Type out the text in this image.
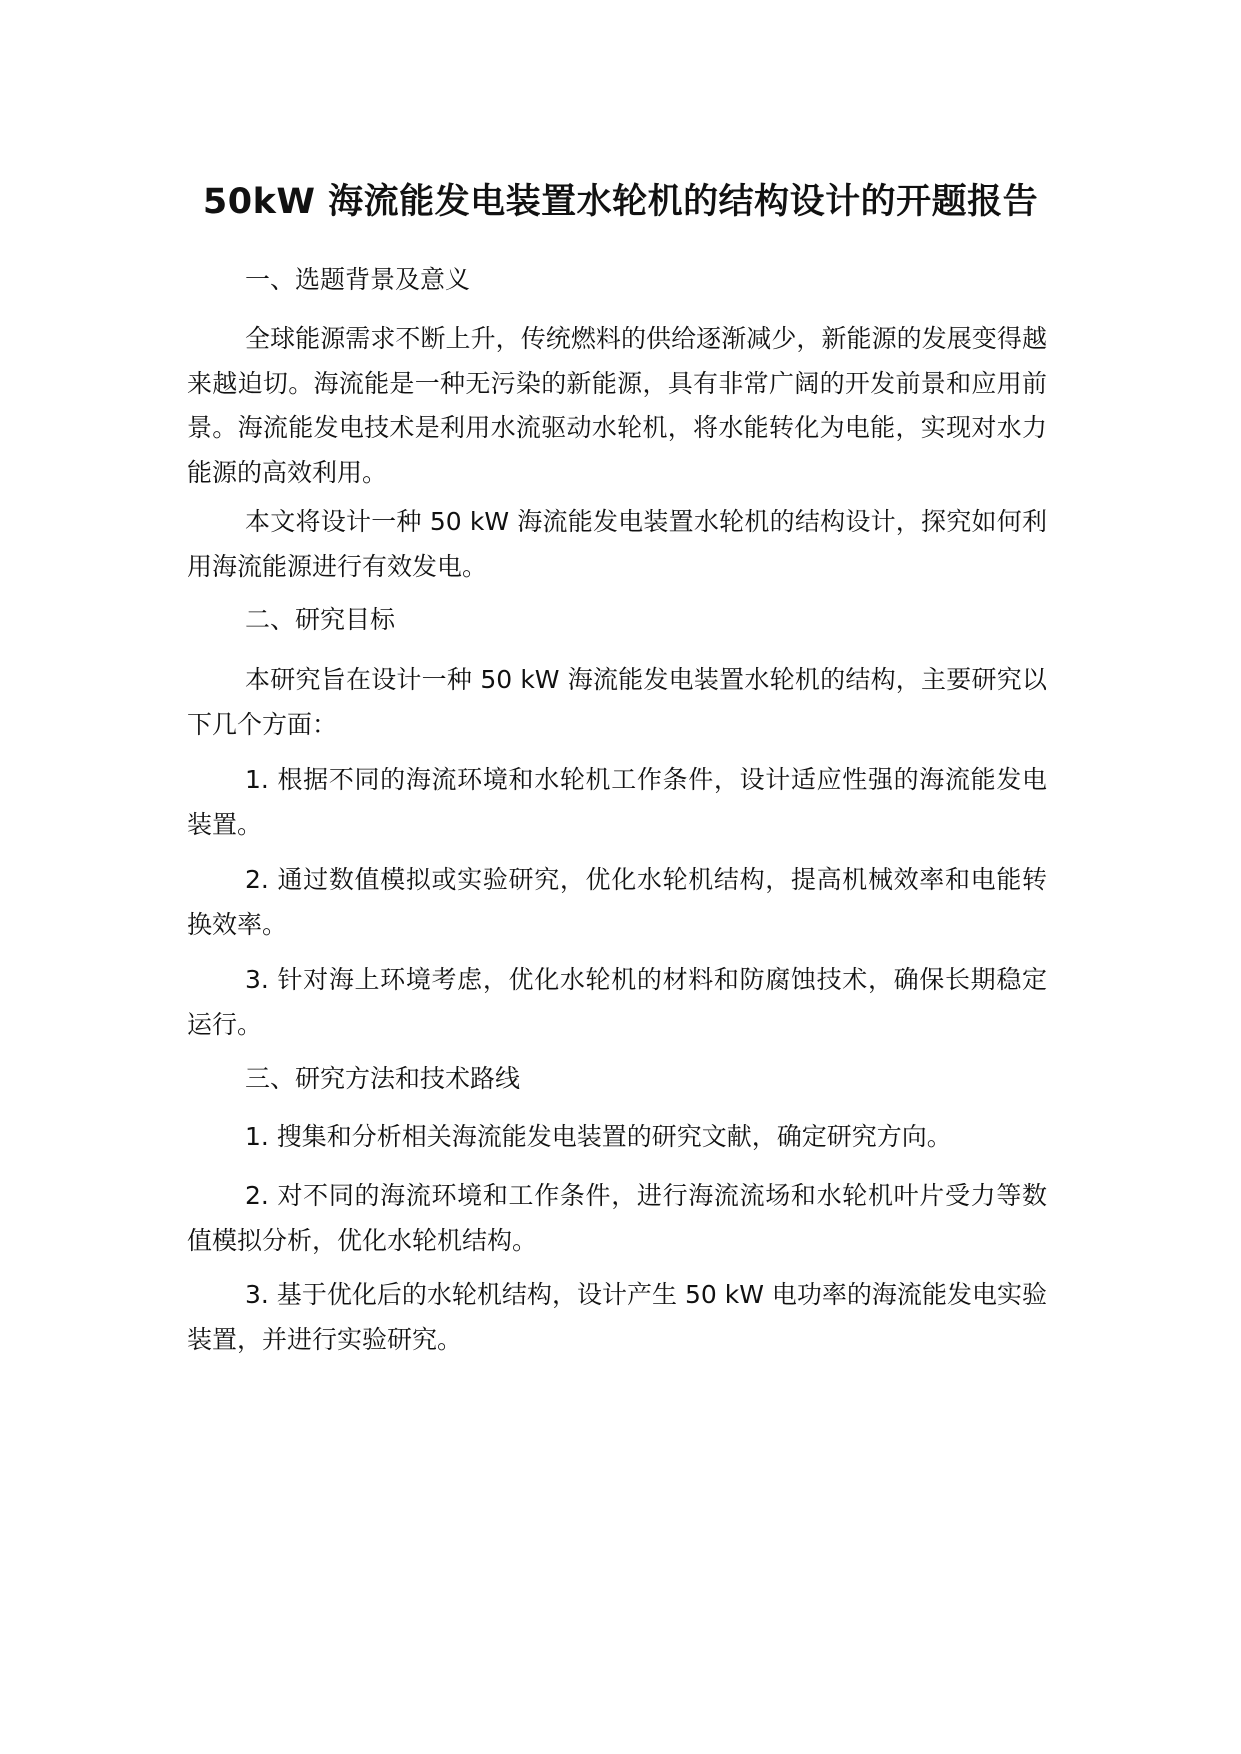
50kW 海流能发电装置水轮机的结构设计的开题报告

一、选题背景及意义

全球能源需求不断上升，传统燃料的供给逐渐减少，新能源的发展变得越来越迫切。海流能是一种无污染的新能源，具有非常广阔的开发前景和应用前景。海流能发电技术是利用水流驱动水轮机，将水能转化为电能，实现对水力能源的高效利用。

本文将设计一种 50 kW 海流能发电装置水轮机的结构设计，探究如何利用海流能源进行有效发电。

二、研究目标

本研究旨在设计一种 50 kW 海流能发电装置水轮机的结构，主要研究以下几个方面：

1. 根据不同的海流环境和水轮机工作条件，设计适应性强的海流能发电装置。

2. 通过数值模拟或实验研究，优化水轮机结构，提高机械效率和电能转换效率。

3. 针对海上环境考虑，优化水轮机的材料和防腐蚀技术，确保长期稳定运行。

三、研究方法和技术路线

1. 搜集和分析相关海流能发电装置的研究文献，确定研究方向。

2. 对不同的海流环境和工作条件，进行海流流场和水轮机叶片受力等数值模拟分析，优化水轮机结构。

3. 基于优化后的水轮机结构，设计产生 50 kW 电功率的海流能发电实验装置，并进行实验研究。
